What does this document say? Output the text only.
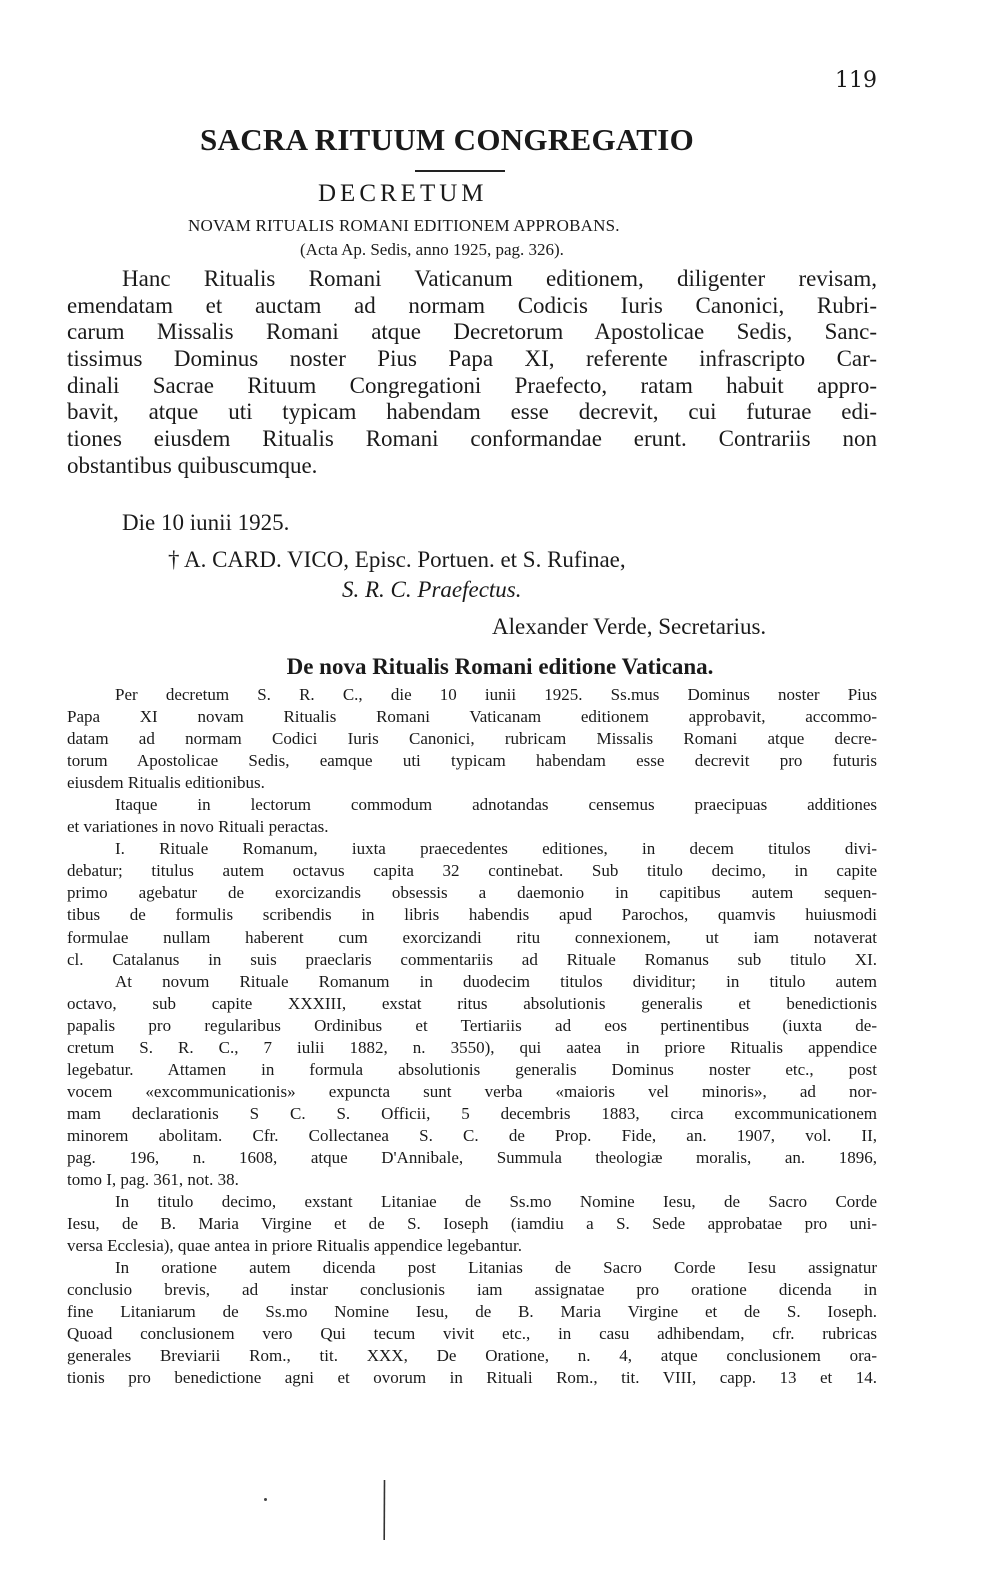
119
SACRA RITUUM CONGREGATIO
DECRETUM
NOVAM RITUALIS ROMANI EDITIONEM APPROBANS.
(Acta Ap. Sedis, anno 1925, pag. 326).
Hanc Ritualis Romani Vaticanum editionem, diligenter revisam,
emendatam et auctam ad normam Codicis Iuris Canonici, Rubri-
carum Missalis Romani atque Decretorum Apostolicae Sedis, Sanc-
tissimus Dominus noster Pius Papa XI, referente infrascripto Car-
dinali Sacrae Rituum Congregationi Praefecto, ratam habuit appro-
bavit, atque uti typicam habendam esse decrevit, cui futurae edi-
tiones eiusdem Ritualis Romani conformandae erunt. Contrariis non
obstantibus quibuscumque.
Die 10 iunii 1925.
† A. CARD. VICO, Episc. Portuen. et S. Rufinae,
S. R. C. Praefectus.
Alexander Verde, Secretarius.
De nova Ritualis Romani editione Vaticana.
Per decretum S. R. C., die 10 iunii 1925. Ss.mus Dominus noster Pius
Papa XI novam Ritualis Romani Vaticanam editionem approbavit, accommo-
datam ad normam Codici Iuris Canonici, rubricam Missalis Romani atque decre-
torum Apostolicae Sedis, eamque uti typicam habendam esse decrevit pro futuris
eiusdem Ritualis editionibus.
Itaque in lectorum commodum adnotandas censemus praecipuas additiones
et variationes in novo Rituali peractas.
I. Rituale Romanum, iuxta praecedentes editiones, in decem titulos divi-
debatur; titulus autem octavus capita 32 continebat. Sub titulo decimo, in capite
primo agebatur de exorcizandis obsessis a daemonio in capitibus autem sequen-
tibus de formulis scribendis in libris habendis apud Parochos, quamvis huiusmodi
formulae nullam haberent cum exorcizandi ritu connexionem, ut iam notaverat
cl. Catalanus in suis praeclaris commentariis ad Rituale Romanus sub titulo XI.
At novum Rituale Romanum in duodecim titulos dividitur; in titulo autem
octavo, sub capite XXXIII, exstat ritus absolutionis generalis et benedictionis
papalis pro regularibus Ordinibus et Tertiariis ad eos pertinentibus (iuxta de-
cretum S. R. C., 7 iulii 1882, n. 3550), qui aatea in priore Ritualis appendice
legebatur. Attamen in formula absolutionis generalis Dominus noster etc., post
vocem «excommunicationis» expuncta sunt verba «maioris vel minoris», ad nor-
mam declarationis S C. S. Officii, 5 decembris 1883, circa excommunicationem
minorem abolitam. Cfr. Collectanea S. C. de Prop. Fide, an. 1907, vol. II,
pag. 196, n. 1608, atque D'Annibale, Summula theologiæ moralis, an. 1896,
tomo I, pag. 361, not. 38.
In titulo decimo, exstant Litaniae de Ss.mo Nomine Iesu, de Sacro Corde
Iesu, de B. Maria Virgine et de S. Ioseph (iamdiu a S. Sede approbatae pro uni-
versa Ecclesia), quae antea in priore Ritualis appendice legebantur.
In oratione autem dicenda post Litanias de Sacro Corde Iesu assignatur
conclusio brevis, ad instar conclusionis iam assignatae pro oratione dicenda in
fine Litaniarum de Ss.mo Nomine Iesu, de B. Maria Virgine et de S. Ioseph.
Quoad conclusionem vero Qui tecum vivit etc., in casu adhibendam, cfr. rubricas
generales Breviarii Rom., tit. XXX, De Oratione, n. 4, atque conclusionem ora-
tionis pro benedictione agni et ovorum in Rituali Rom., tit. VIII, capp. 13 et 14.
